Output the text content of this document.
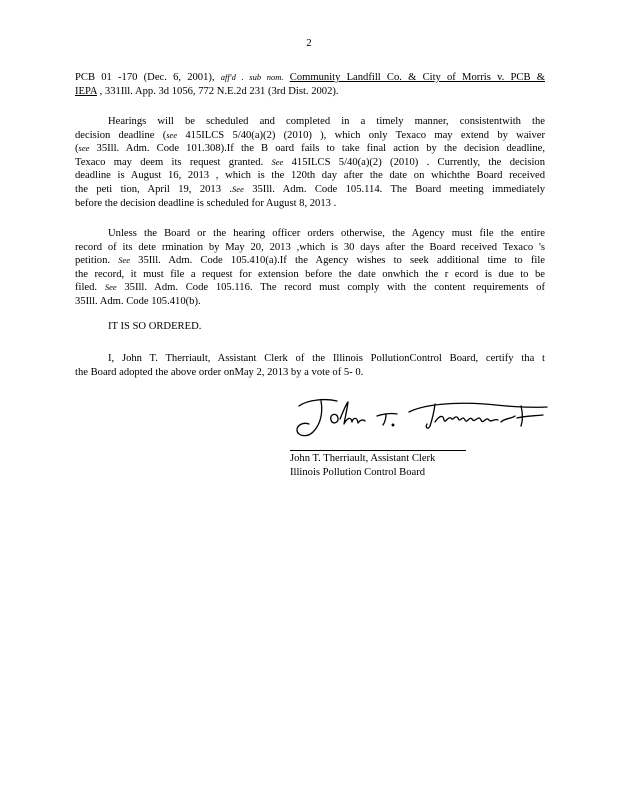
2
PCB 01 -170 (Dec. 6, 2001), aff'd . sub nom. Community Landfill Co. & City of Morris v. PCB &
IEPA , 331Ill. App. 3d 1056, 772 N.E.2d 231 (3rd Dist. 2002).
Hearings will be scheduled and completed in a timely manner, consistentwith the
decision deadline (see 415ILCS 5/40(a)(2) (2010) ), which only Texaco may extend by waiver
(see 35Ill. Adm. Code 101.308).If the B oard fails to take final action by the decision deadline,
Texaco may deem its request granted. See 415ILCS 5/40(a)(2) (2010) . Currently, the decision
deadline is August 16, 2013 , which is the 120th day after the date on whichthe Board received
the peti tion, April 19, 2013 .See 35Ill. Adm. Code 105.114. The Board meeting immediately
before the decision deadline is scheduled for August 8, 2013 .
Unless the Board or the hearing officer orders otherwise, the Agency must file the entire
record of its dete rmination by May 20, 2013 ,which is 30 days after the Board received Texaco 's
petition. See 35Ill. Adm. Code 105.410(a).If the Agency wishes to seek additional time to file
the record, it must file a request for extension before the date onwhich the r ecord is due to be
filed. See 35Ill. Adm. Code 105.116. The record must comply with the content requirements of
35Ill. Adm. Code 105.410(b).
IT IS SO ORDERED.
I, John T. Therriault, Assistant Clerk of the Illinois PollutionControl Board, certify tha t
the Board adopted the above order onMay 2, 2013 by a vote of 5- 0.
John T. Therriault, Assistant Clerk
Illinois Pollution Control Board
